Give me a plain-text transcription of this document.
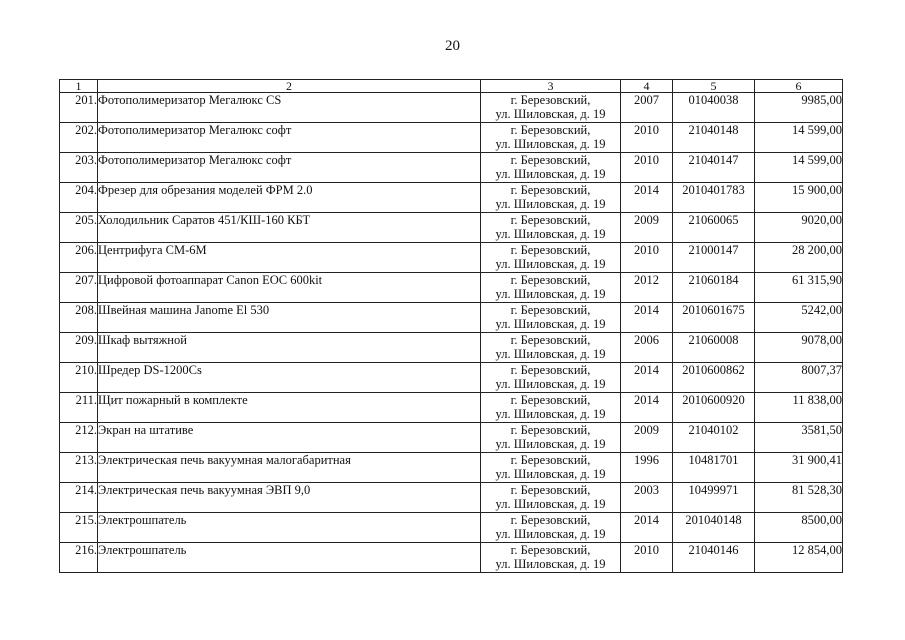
20
1	2	3	4	5	6
201.	Фотополимеризатор Мегалюкс CS	г. Березовский,
ул. Шиловская, д. 19	2007	01040038	9985,00
202.	Фотополимеризатор Мегалюкс софт	г. Березовский,
ул. Шиловская, д. 19	2010	21040148	14 599,00
203.	Фотополимеризатор Мегалюкс софт	г. Березовский,
ул. Шиловская, д. 19	2010	21040147	14 599,00
204.	Фрезер для обрезания моделей ФРМ 2.0	г. Березовский,
ул. Шиловская, д. 19	2014	2010401783	15 900,00
205.	Холодильник Саратов 451/КШ-160 КБТ	г. Березовский,
ул. Шиловская, д. 19	2009	21060065	9020,00
206.	Центрифуга СМ-6М	г. Березовский,
ул. Шиловская, д. 19	2010	21000147	28 200,00
207.	Цифровой фотоаппарат Canon EOC 600kit	г. Березовский,
ул. Шиловская, д. 19	2012	21060184	61 315,90
208.	Швейная машина Janome El 530	г. Березовский,
ул. Шиловская, д. 19	2014	2010601675	5242,00
209.	Шкаф вытяжной	г. Березовский,
ул. Шиловская, д. 19	2006	21060008	9078,00
210.	Шредер DS-1200Cs	г. Березовский,
ул. Шиловская, д. 19	2014	2010600862	8007,37
211.	Щит пожарный в комплекте	г. Березовский,
ул. Шиловская, д. 19	2014	2010600920	11 838,00
212.	Экран на штативе	г. Березовский,
ул. Шиловская, д. 19	2009	21040102	3581,50
213.	Электрическая печь вакуумная малогабаритная	г. Березовский,
ул. Шиловская, д. 19	1996	10481701	31 900,41
214.	Электрическая печь вакуумная ЭВП 9,0	г. Березовский,
ул. Шиловская, д. 19	2003	10499971	81 528,30
215.	Электрошпатель	г. Березовский,
ул. Шиловская, д. 19	2014	201040148	8500,00
216.	Электрошпатель	г. Березовский,
ул. Шиловская, д. 19	2010	21040146	12 854,00
